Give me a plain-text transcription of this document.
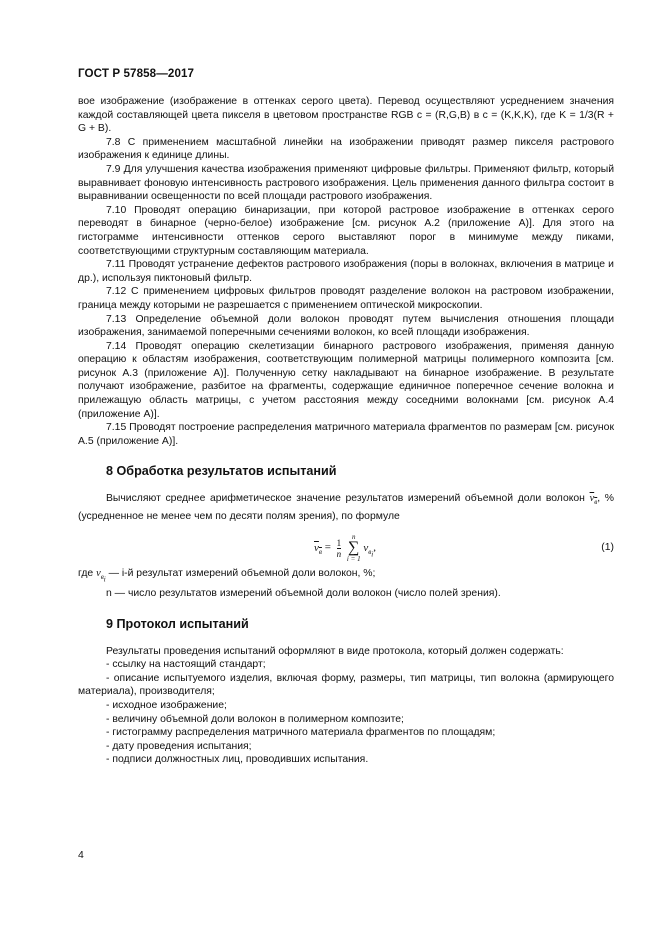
ГОСТ Р 57858—2017

вое изображение (изображение в оттенках серого цвета). Перевод осуществляют усреднением значения каждой составляющей цвета пикселя в цветовом пространстве RGB c = (R,G,B) в c = (K,K,K), где K = 1/3(R + G + B).

7.8 С применением масштабной линейки на изображении приводят размер пикселя растрового изображения к единице длины.

7.9 Для улучшения качества изображения применяют цифровые фильтры. Применяют фильтр, который выравнивает фоновую интенсивность растрового изображения. Цель применения данного фильтра состоит в выравнивании освещенности по всей площади растрового изображения.

7.10 Проводят операцию бинаризации, при которой растровое изображение в оттенках серого переводят в бинарное (черно-белое) изображение [см. рисунок А.2 (приложение А)]. Для этого на гистограмме интенсивности оттенков серого выставляют порог в минимуме между пиками, соответствующими структурным составляющим материала.

7.11 Проводят устранение дефектов растрового изображения (поры в волокнах, включения в матрице и др.), используя пиктоновый фильтр.

7.12 С применением цифровых фильтров проводят разделение волокон на растровом изображении, граница между которыми не разрешается с применением оптической микроскопии.

7.13 Определение объемной доли волокон проводят путем вычисления отношения площади изображения, занимаемой поперечными сечениями волокон, ко всей площади изображения.

7.14 Проводят операцию скелетизации бинарного растрового изображения, применяя данную операцию к областям изображения, соответствующим полимерной матрицы полимерного композита [см. рисунок А.3 (приложение А)]. Полученную сетку накладывают на бинарное изображение. В результате получают изображение, разбитое на фрагменты, содержащие единичное поперечное сечение волокна и прилежащую область матрицы, с учетом расстояния между соседними волокнами [см. рисунок А.4 (приложение А)].

7.15 Проводят построение распределения матричного материала фрагментов по размерам [см. рисунок А.5 (приложение А)].

8 Обработка результатов испытаний

Вычисляют среднее арифметическое значение результатов измерений объемной доли волокон $v_в$, % (усредненное не менее чем по десяти полям зрения), по формуле

$v_в = \frac{1}{n}$

n
∑
i = 1
$v_{в_i}$,	(1)

где $v_{в_i}$ — i-й результат измерений объемной доли волокон, %;

n — число результатов измерений объемной доли волокон (число полей зрения).

9 Протокол испытаний

Результаты проведения испытаний оформляют в виде протокола, который должен содержать:

- ссылку на настоящий стандарт;

- описание испытуемого изделия, включая форму, размеры, тип матрицы, тип волокна (армирующего материала), производителя;

- исходное изображение;

- величину объемной доли волокон в полимерном композите;

- гистограмму распределения матричного материала фрагментов по площадям;

- дату проведения испытания;

- подписи должностных лиц, проводивших испытания.

4
